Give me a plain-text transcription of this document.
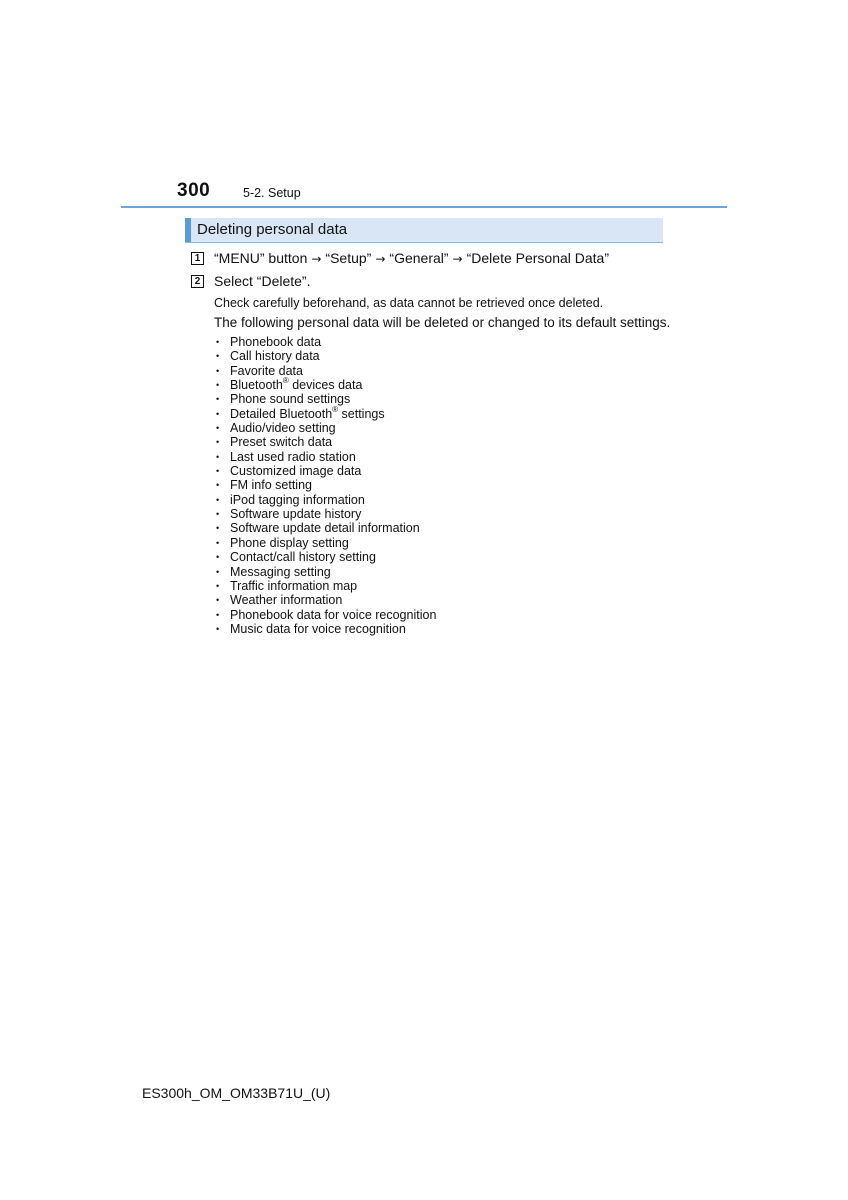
300	5-2. Setup
Deleting personal data
1 “MENU” button → “Setup” → “General” → “Delete Personal Data”
2 Select “Delete”.
Check carefully beforehand, as data cannot be retrieved once deleted.
The following personal data will be deleted or changed to its default settings.
• Phonebook data
• Call history data
• Favorite data
• Bluetooth® devices data
• Phone sound settings
• Detailed Bluetooth® settings
• Audio/video setting
• Preset switch data
• Last used radio station
• Customized image data
• FM info setting
• iPod tagging information
• Software update history
• Software update detail information
• Phone display setting
• Contact/call history setting
• Messaging setting
• Traffic information map
• Weather information
• Phonebook data for voice recognition
• Music data for voice recognition
ES300h_OM_OM33B71U_(U)
